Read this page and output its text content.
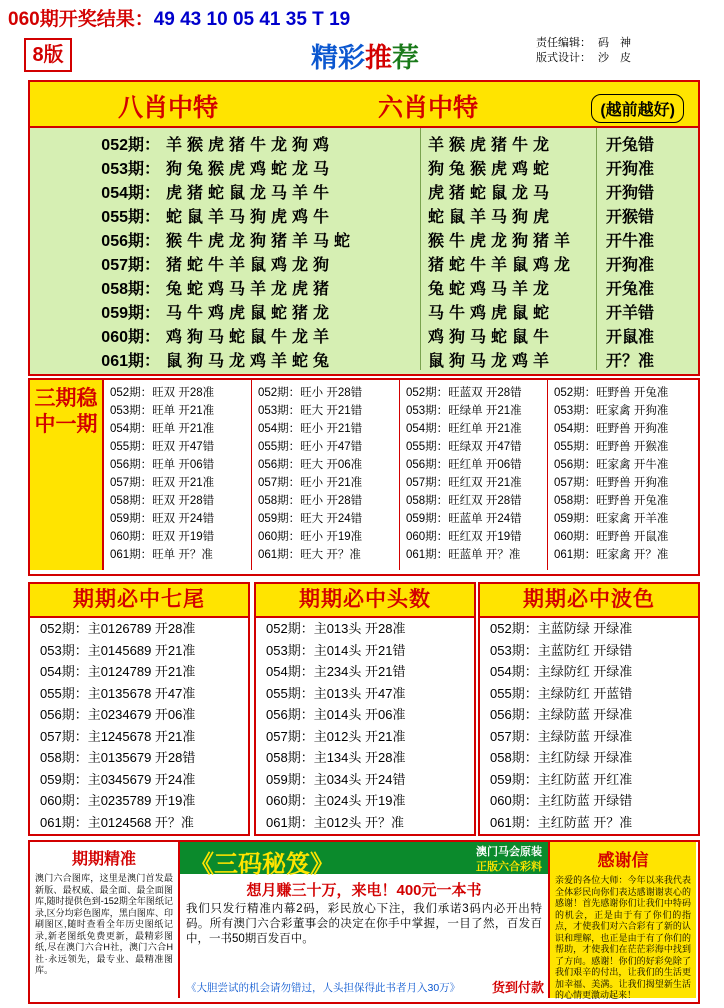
060期开奖结果：49 43 10 05 41 35 T 19
8版	精彩推荐	责任编辑： 码　神
版式设计： 沙　皮
八肖中特	六肖中特	(越前越好)
052期： 羊猴虎猪牛龙狗鸡	羊猴虎猪牛龙	开兔错
053期： 狗兔猴虎鸡蛇龙马	狗兔猴虎鸡蛇	开狗准
054期： 虎猪蛇鼠龙马羊牛	虎猪蛇鼠龙马	开狗错
055期： 蛇鼠羊马狗虎鸡牛	蛇鼠羊马狗虎	开猴错
056期： 猴牛虎龙狗猪羊马蛇	猴牛虎龙狗猪羊 开牛准
057期： 猪蛇牛羊鼠鸡龙狗	猪蛇牛羊鼠鸡龙 开狗准
058期： 兔蛇鸡马羊龙虎猪	兔蛇鸡马羊龙	开兔准
059期： 马牛鸡虎鼠蛇猪龙	马牛鸡虎鼠蛇	开羊错
060期： 鸡狗马蛇鼠牛龙羊	鸡狗马蛇鼠牛	开鼠准
061期： 鼠狗马龙鸡羊蛇兔	鼠狗马龙鸡羊	开？准
三期稳中一期
052期：旺双 开28准
053期：旺单 开21准
054期：旺单 开21准
055期：旺双 开47错
056期：旺单 开06错
057期：旺双 开21准
058期：旺双 开28错
059期：旺双 开24错
060期：旺双 开19错
061期：旺单 开？准
052期：旺小 开28错
053期：旺大 开21错
054期：旺小 开21错
055期：旺小 开47错
056期：旺大 开06准
057期：旺小 开21准
058期：旺小 开28错
059期：旺大 开24错
060期：旺小 开19准
061期：旺大 开？准
052期：旺蓝双 开28错
053期：旺绿单 开21准
054期：旺红单 开21准
055期：旺绿双 开47错
056期：旺红单 开06错
057期：旺红双 开21准
058期：旺红双 开28错
059期：旺蓝单 开24错
060期：旺红双 开19错
061期：旺蓝单 开？准
052期：旺野兽 开兔准
053期：旺家禽 开狗准
054期：旺野兽 开狗准
055期：旺野兽 开猴准
056期：旺家禽 开牛准
057期：旺野兽 开狗准
058期：旺野兽 开兔准
059期：旺家禽 开羊准
060期：旺野兽 开鼠准
061期：旺家禽 开？准
期期必中七尾
052期：主0126789 开28准
053期：主0145689 开21准
054期：主0124789 开21准
055期：主0135678 开47准
056期：主0234679 开06准
057期：主1245678 开21准
058期：主0135679 开28错
059期：主0345679 开24准
060期：主0235789 开19准
061期：主0124568 开？准
期期必中头数
052期：主013头 开28准
053期：主014头 开21错
054期：主234头 开21错
055期：主013头 开47准
056期：主014头 开06准
057期：主012头 开21准
058期：主134头 开28准
059期：主034头 开24错
060期：主024头 开19准
061期：主012头 开？准
期期必中波色
052期：主蓝防绿 开绿准
053期：主蓝防红 开绿错
054期：主绿防红 开绿准
055期：主绿防红 开蓝错
056期：主绿防蓝 开绿准
057期：主绿防蓝 开绿准
058期：主红防绿 开绿准
059期：主红防蓝 开红准
060期：主红防蓝 开绿错
061期：主红防蓝 开？准
期期精准
澳门六合图库，这里是澳门首发最新版、最权威、最全面、最全面图库,随时提供色到-152期全年图纸记录,区分均彩色图库，黑白图库、印刷图区,随时查看全年历史图纸记录,新老图纸免费更新，最精彩图纸,尽在澳门六合H社，澳门六合H社·永远领先，最专业、最精准图库。
《三码秘笈》	澳门马会原装
正版六合彩料
想月赚三十万，来电！400元一本书
我们只发行精准内幕2码，彩民放心下注，我们承诺3码内必开出特码。所有澳门六合彩董事会的决定在你手中掌握，一目了然，百发百中，一书50期百发百中。
《大胆尝试的机会请勿错过，人头担保得此书者月入30万》 货到付款
感谢信
亲爱的各位大师：今年以来我代表全体彩民向你们表达感谢谢衷心的感谢！首先感谢你们让我们中特码的机会，正是由于有了你们的指点，才使我们对六合彩有了新的认识和理解，也正是由于有了你们的帮助，才使我们在茫茫彩海中找到了方向。感谢！你们的好彩免除了我们艰辛的付出，让我们的生活更加幸福、美满。让我们揭望新生活的心情更激动起来！
